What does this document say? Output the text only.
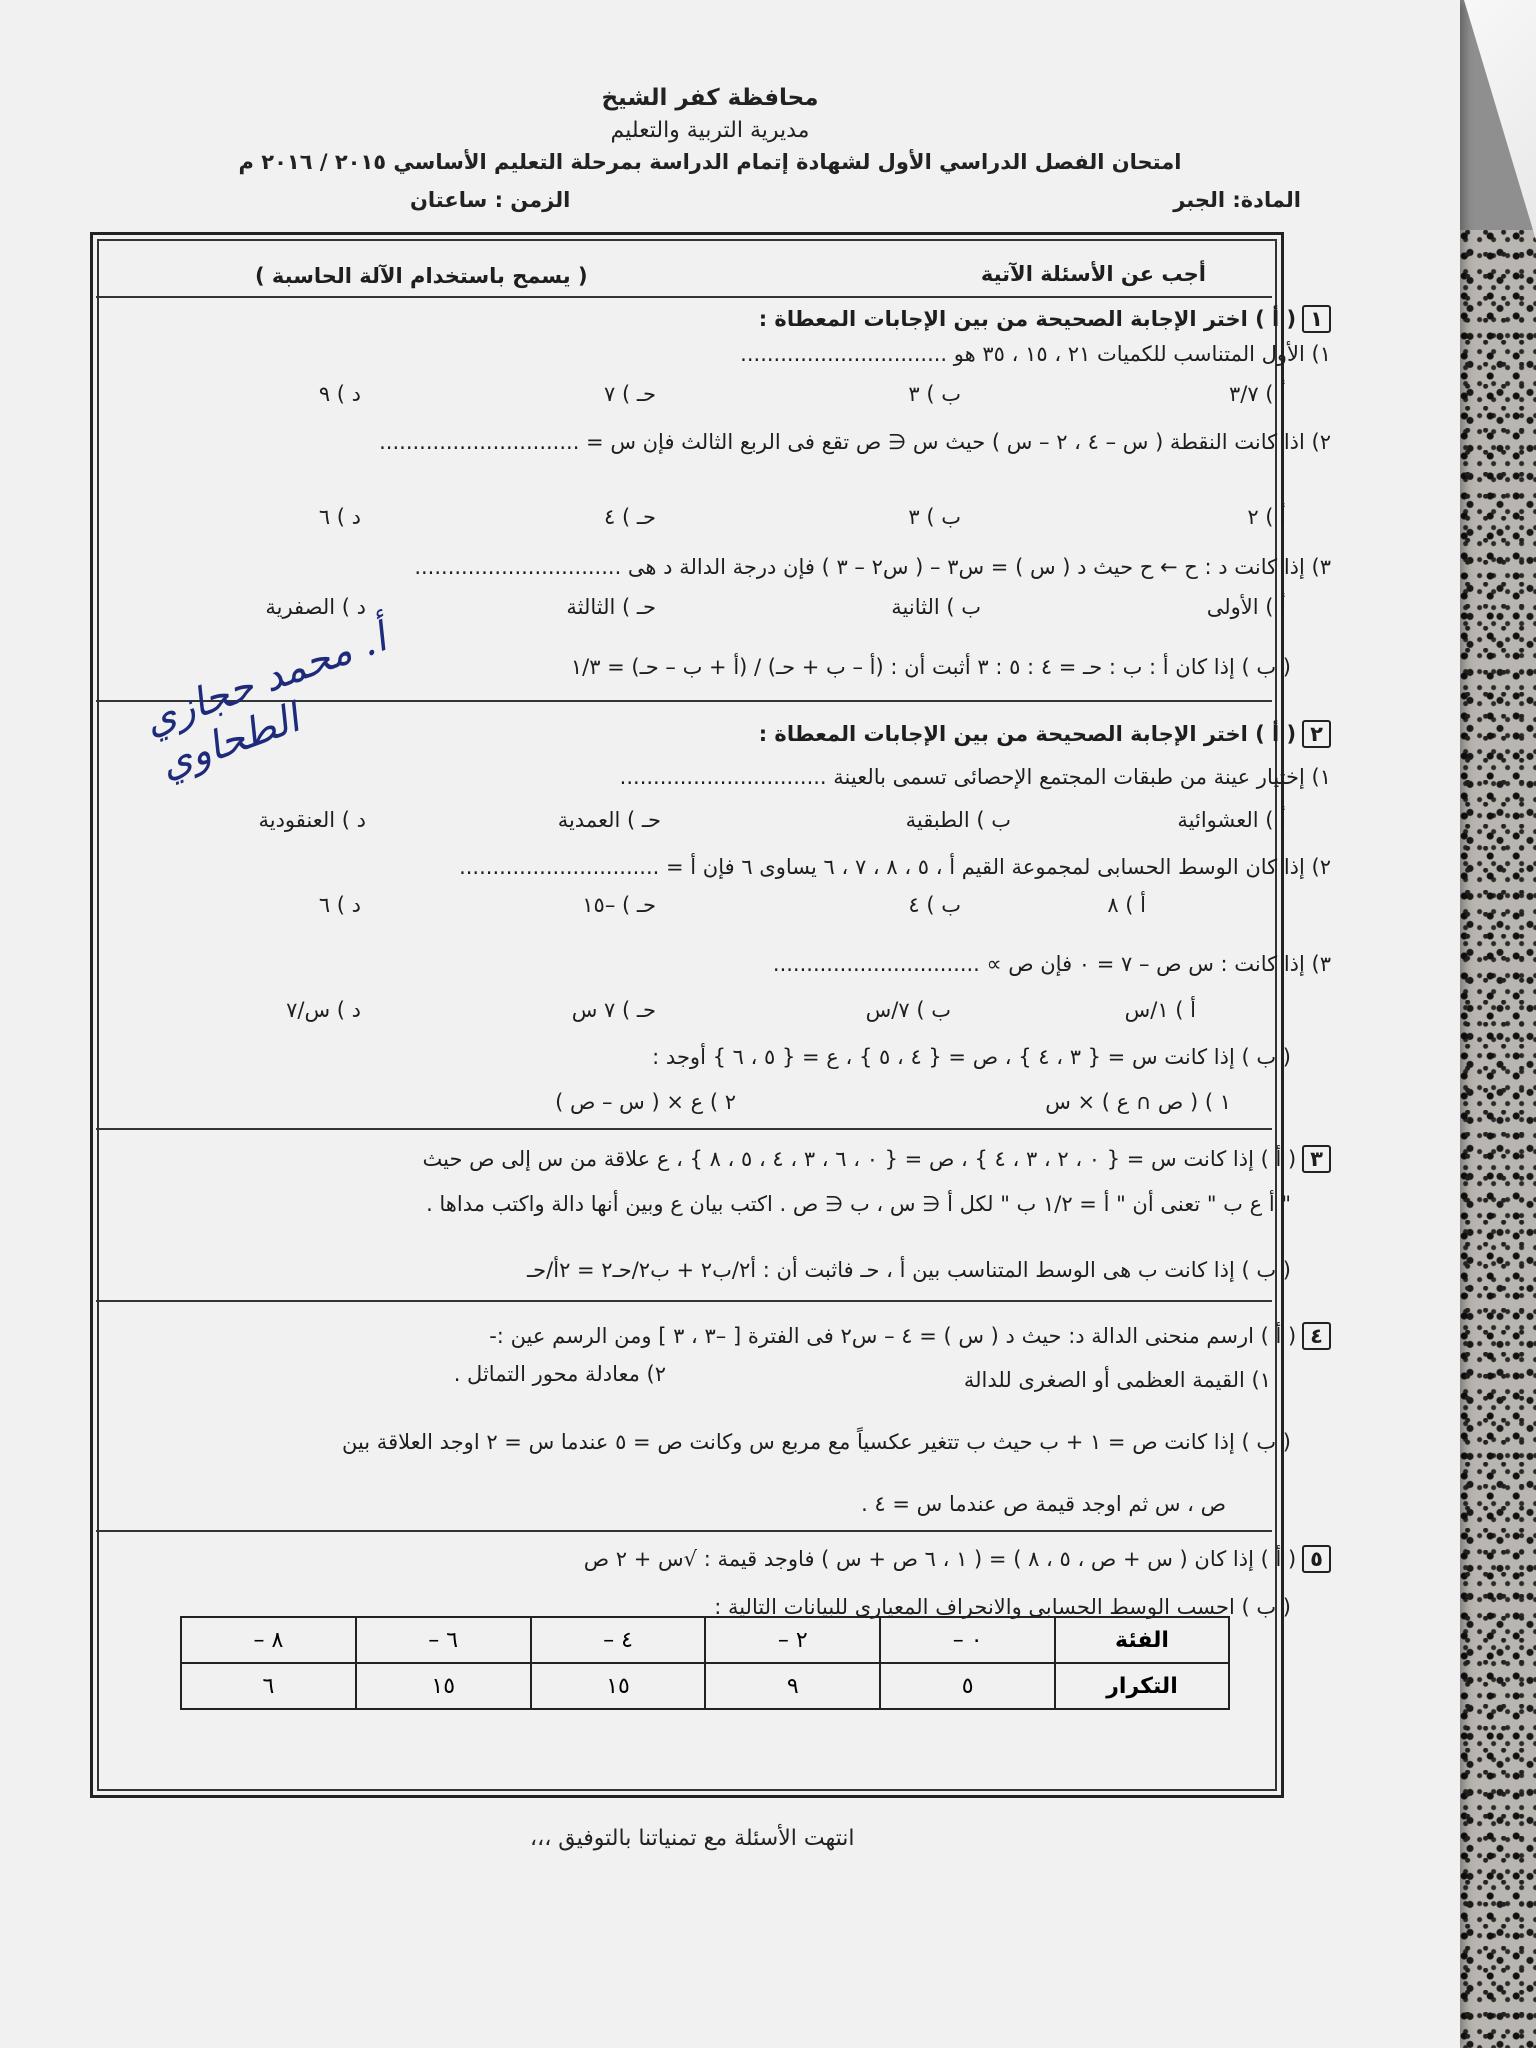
محافظة كفر الشيخ
مديرية التربية والتعليم
امتحان الفصل الدراسي الأول لشهادة إتمام الدراسة بمرحلة التعليم الأساسي ٢٠١٥ / ٢٠١٦ م
المادة: الجبر
الزمن : ساعتان
أجب عن الأسئلة الآتية
( يسمح باستخدام الآلة الحاسبة )
١( أ ) اختر الإجابة الصحيحة من بين الإجابات المعطاة :
١) الأول المتناسب للكميات ٢١ ، ١٥ ، ٣٥ هو ...............................
أ ) ٣/٧
ب ) ٣
حـ ) ٧
د ) ٩
٢) اذا كانت النقطة ( س – ٤ ، ٢ – س ) حيث س ∈ ص تقع فى الربع الثالث فإن س = ..............................
أ ) ٢
ب ) ٣
حـ ) ٤
د ) ٦
٣) إذا كانت د : ح ← ح حيث د ( س ) = س٣ – ( س٢ – ٣ ) فإن درجة الدالة د هى ...............................
أ ) الأولى
ب ) الثانية
حـ ) الثالثة
د ) الصفرية
( ب ) إذا كان أ : ب : حـ = ٤ : ٥ : ٣ أثبت أن : (أ – ب + حـ) / (أ + ب – حـ) = ١/٣
أ. محمد حجازي الطحاوي	٢( أ ) اختر الإجابة الصحيحة من بين الإجابات المعطاة :
١) إختيار عينة من طبقات المجتمع الإحصائى تسمى بالعينة ...............................
أ ) العشوائية
ب ) الطبقية
حـ ) العمدية
د ) العنقودية
٢) إذا كان الوسط الحسابى لمجموعة القيم أ ، ٥ ، ٨ ، ٧ ، ٦ يساوى ٦ فإن أ = ..............................
أ ) ٨
ب ) ٤
حـ ) –١٥
د ) ٦
٣) إذا كانت : س ص – ٧ = ٠ فإن ص ∝ ...............................
أ ) ١/س
ب ) ٧/س
حـ ) ٧ س
د ) س/٧
( ب ) إذا كانت س = { ٣ ، ٤ } ، ص = { ٤ ، ٥ } ، ع = { ٥ ، ٦ } أوجد :
١ ) ( ص ∩ ع ) × س
٢ ) ع × ( س – ص )
٣( أ ) إذا كانت س = { ٠ ، ٢ ، ٣ ، ٤ } ، ص = { ٠ ، ٦ ، ٣ ، ٤ ، ٥ ، ٨ } ، ع علاقة من س إلى ص حيث
" أ ع ب " تعنى أن " أ = ١/٢ ب " لكل أ ∈ س ، ب ∈ ص . اكتب بيان ع وبين أنها دالة واكتب مداها .
( ب ) إذا كانت ب هى الوسط المتناسب بين أ ، حـ فاثبت أن : أ٢/ب٢ + ب٢/حـ٢ = ٢أ/حـ
٤( أ ) ارسم منحنى الدالة د: حيث د ( س ) = ٤ – س٢ فى الفترة [ –٣ ، ٣ ] ومن الرسم عين :-
١) القيمة العظمى أو الصغرى للدالة
٢) معادلة محور التماثل .
( ب ) إذا كانت ص = ١ + ب حيث ب تتغير عكسياً مع مربع س وكانت ص = ٥ عندما س = ٢ اوجد العلاقة بين
ص ، س ثم اوجد قيمة ص عندما س = ٤ .
٥( أ ) إذا كان ( س + ص ، ٥ ، ٨ ) = ( ١ ، ٦ ص + س ) فاوجد قيمة : √س + ٢ ص
( ب ) احسب الوسط الحسابى والانحراف المعيارى للبيانات التالية :
الفئة	٠ –	٢ –	٤ –	٦ –	٨ –
التكرار	٥	٩	١٥	١٥	٦
انتهت الأسئلة مع تمنياتنا بالتوفيق ،،،
